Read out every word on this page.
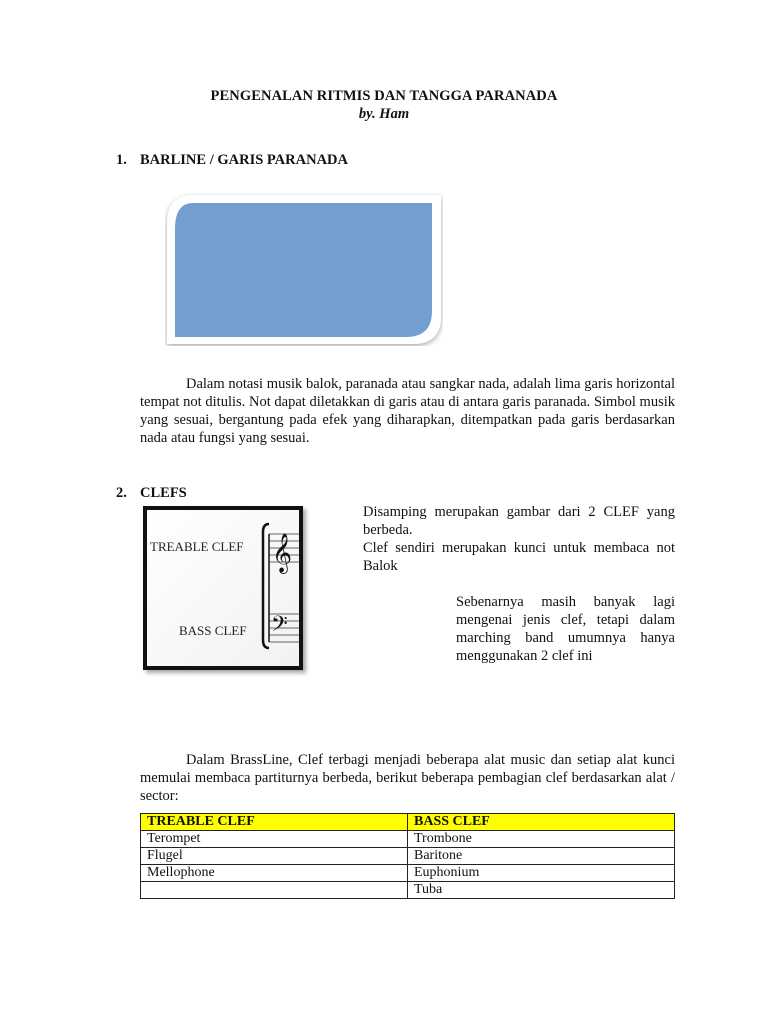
PENGENALAN RITMIS DAN TANGGA PARANADA
by. Ham
1. BARLINE / GARIS PARANADA
Dalam notasi musik balok, paranada atau sangkar nada, adalah lima garis horizontal tempat not ditulis. Not dapat diletakkan di garis atau di antara garis paranada. Simbol musik yang sesuai, bergantung pada efek yang diharapkan, ditempatkan pada garis berdasarkan nada atau fungsi yang sesuai.
2. CLEFS
TREABLE CLEF
BASS CLEF
𝄞
𝄢
Disamping merupakan gambar dari 2 CLEF yang berbeda.
Clef sendiri merupakan kunci untuk membaca not Balok
Sebenarnya masih banyak lagi mengenai jenis clef, tetapi dalam marching band umumnya hanya menggunakan 2 clef ini
Dalam BrassLine, Clef terbagi menjadi beberapa alat music dan setiap alat kunci memulai membaca partiturnya berbeda, berikut beberapa pembagian clef berdasarkan alat / sector:
TREABLE CLEF	BASS CLEF
Terompet	Trombone
Flugel	Baritone
Mellophone	Euphonium
	Tuba
